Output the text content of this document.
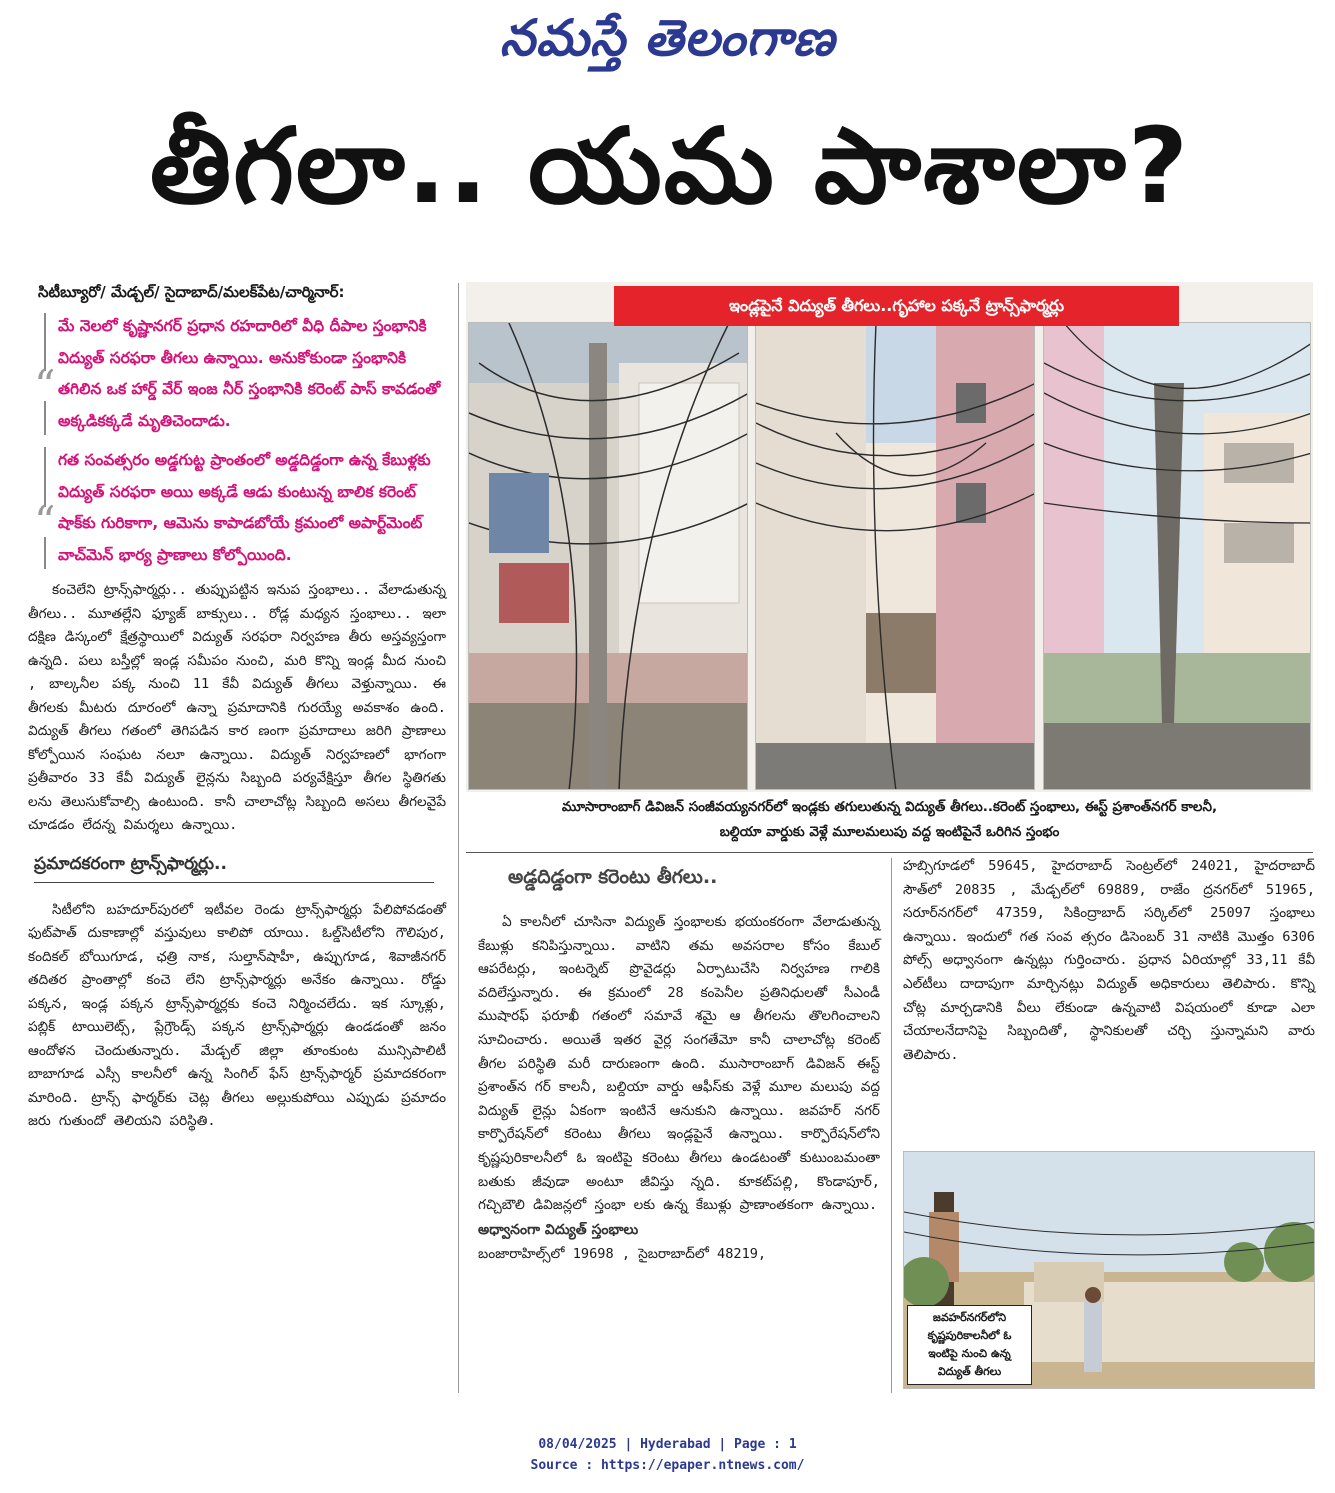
నమస్తే తెలంగాణ
తీగలా.. యమ పాశాలా?
సిటీబ్యూరో/ మేడ్చల్/ సైదాబాద్/మలక్‌పేట/చార్మినార్:
“
మే నెలలో కృష్ణానగర్ ప్రధాన రహదారిలో వీధి దీపాల స్తంభానికి విద్యుత్ సరఫరా తీగలు ఉన్నాయి. అనుకోకుండా స్తంభానికి తగిలిన ఒక హార్డ్ వేర్ ఇంజ నీర్ స్తంభానికి కరెంట్ పాస్ కావడంతో అక్కడికక్కడే మృతిచెందాడు.
“
గత సంవత్సరం అడ్డగుట్ట ప్రాంతంలో అడ్డదిడ్డంగా ఉన్న కేబుళ్లకు విద్యుత్ సరఫరా అయి అక్కడే ఆడు కుంటున్న బాలిక కరెంట్ షాక్‌కు గురికాగా, ఆమెను కాపాడబోయే క్రమంలో అపార్ట్‌మెంట్ వాచ్‌మెన్ భార్య ప్రాణాలు కోల్పోయింది.

కంచెలేని ట్రాన్స్‌ఫార్మర్లు.. తుప్పుపట్టిన ఇనుప స్తంభాలు.. వేలాడుతున్న తీగలు.. మూతల్లేని ఫ్యూజ్ బాక్సులు.. రోడ్ల మధ్యన స్తంభాలు.. ఇలా దక్షిణ డిస్కంలో క్షేత్రస్థాయిలో విద్యుత్ సరఫరా నిర్వహణ తీరు అస్తవ్యస్తంగా ఉన్నది. పలు బస్తీల్లో ఇండ్ల సమీపం నుంచి, మరి కొన్ని ఇండ్ల మీద నుంచి , బాల్కనీల పక్క నుంచి 11 కేవీ విద్యుత్ తీగలు వెళ్తున్నాయి. ఈ తీగలకు మీటరు దూరంలో ఉన్నా ప్రమాదానికి గురయ్యే అవకాశం ఉంది. విద్యుత్ తీగలు గతంలో తెగిపడిన కార ణంగా ప్రమాదాలు జరిగి ప్రాణాలు కోల్పోయిన సంఘట నలూ ఉన్నాయి. విద్యుత్ నిర్వహణలో భాగంగా ప్రతీవారం 33 కేవీ విద్యుత్ లైన్లను సిబ్బంది పర్యవేక్షిస్తూ తీగల స్థితిగతు లను తెలుసుకోవాల్సి ఉంటుంది. కానీ చాలాచోట్ల సిబ్బంది అసలు తీగలవైపే చూడడం లేదన్న విమర్శలు ఉన్నాయి.

ప్రమాదకరంగా ట్రాన్స్‌ఫార్మర్లు..

సిటీలోని బహదూర్‌పురలో ఇటీవల రెండు ట్రాన్స్‌ఫార్మర్లు పేలిపోవడంతో ఫుట్‌పాత్ దుకాణాల్లో వస్తువులు కాలిపో యాయి. ఓల్డ్‌సిటీలోని గౌలిపుర, కందికల్ బోయిగూడ, ఛత్రి నాక, సుల్తాన్‌షాహీ, ఉప్పుగూడ, శివాజీనగర్ తదితర ప్రాంతాల్లో కంచె లేని ట్రాన్స్‌ఫార్మర్లు అనేకం ఉన్నాయి. రోడ్డు పక్కన, ఇండ్ల పక్కన ట్రాన్స్‌ఫార్మర్లకు కంచె నిర్మించలేదు. ఇక స్కూళ్లు, పబ్లిక్ టాయిలెట్స్, ప్లేగ్రౌండ్స్ పక్కన ట్రాన్స్‌ఫార్మర్లు ఉండడంతో జనం ఆందోళన చెందుతున్నారు. మేడ్చల్ జిల్లా తూంకుంట మున్సిపాలిటీ బాబాగూడ ఎస్సీ కాలనీలో ఉన్న సింగిల్ ఫేస్ ట్రాన్స్‌ఫార్మర్ ప్రమాదకరంగా మారింది. ట్రాన్స్ ఫార్మర్‌కు చెట్ల తీగలు అల్లుకుపోయి ఎప్పుడు ప్రమాదం జరు గుతుందో తెలియని పరిస్థితి.

ఇండ్లపైనే విద్యుత్ తీగలు..గృహాల పక్కనే ట్రాన్స్‌ఫార్మర్లు
మూసారాంబాగ్ డివిజన్ సంజీవయ్యనగర్‌లో ఇండ్లకు తగులుతున్న విద్యుత్ తీగలు..కరెంట్ స్తంభాలు, ఈస్ట్ ప్రశాంత్‌నగర్ కాలనీ,
బల్దియా వార్డుకు వెళ్లే మూలమలుపు వద్ద ఇంటిపైనే ఒరిగిన స్తంభం
అడ్డదిడ్డంగా కరెంటు తీగలు..

ఏ కాలనీలో చూసినా విద్యుత్ స్తంభాలకు భయంకరంగా వేలాడుతున్న కేబుళ్లు కనిపిస్తున్నాయి. వాటిని తమ అవసరాల కోసం కేబుల్ ఆపరేటర్లు, ఇంటర్నెట్ ప్రొవైడర్లు ఏర్పాటుచేసి నిర్వహణ గాలికి వదిలేస్తున్నారు. ఈ క్రమంలో 28 కంపెనీల ప్రతినిధులతో సీఎండీ ముషారఫ్ ఫరూఖీ గతంలో సమావే శమై ఆ తీగలను తొలగించాలని సూచించారు. అయితే ఇతర వైర్ల సంగతేమో కానీ చాలాచోట్ల కరెంట్ తీగల పరిస్థితి మరీ దారుణంగా ఉంది. ముసారాంబాగ్ డివిజన్ ఈస్ట్ ప్రశాంత్‌న గర్ కాలనీ, బల్దియా వార్డు ఆఫీస్‌కు వెళ్లే మూల మలుపు వద్ద విద్యుత్ లైన్లు ఏకంగా ఇంటినే ఆనుకుని ఉన్నాయి. జవహర్ నగర్ కార్పొరేషన్‌లో కరెంటు తీగలు ఇండ్లపైనే ఉన్నాయి. కార్పొరేషన్‌లోని కృష్ణపురికాలనీలో ఓ ఇంటిపై కరెంటు తీగలు ఉండటంతో కుటుంబమంతా బతుకు జీవుడా అంటూ జీవిస్తు న్నది. కూకట్‌పల్లి, కొండాపూర్, గచ్చిబౌలి డివిజన్లలో స్తంభా లకు ఉన్న కేబుళ్లు ప్రాణాంతకంగా ఉన్నాయి.

అధ్వానంగా విద్యుత్ స్తంభాలు

బంజారాహిల్స్‌లో 19698 , సైబరాబాద్‌లో 48219,

హబ్సిగూడలో 59645, హైదరాబాద్ సెంట్రల్‌లో 24021, హైదరాబాద్ సౌత్‌లో 20835 , మేడ్చల్‌లో 69889, రాజేం ద్రనగర్‌లో 51965, సరూర్‌నగర్‌లో 47359, సికింద్రాబాద్ సర్కిల్‌లో 25097 స్తంభాలు ఉన్నాయి. ఇందులో గత సంవ త్సరం డిసెంబర్ 31 నాటికి మొత్తం 6306 పోల్స్ అధ్వానంగా ఉన్నట్లు గుర్తించారు. ప్రధాన ఏరియాల్లో 33,11 కేవీ ఎల్‌టీలు దాదాపుగా మార్చినట్లు విద్యుత్ అధికారులు తెలిపారు. కొన్ని చోట్ల మార్చడానికి వీలు లేకుండా ఉన్నవాటి విషయంలో కూడా ఎలా చేయాలనేదానిపై సిబ్బందితో, స్థానికులతో చర్చి స్తున్నామని వారు తెలిపారు.

జవహర్‌నగర్‌లోని కృష్ణపురికాలనీలో ఓ ఇంటిపై నుంచి ఉన్న విద్యుత్ తీగలు
08/04/2025 | Hyderabad | Page : 1
Source : https://epaper.ntnews.com/
